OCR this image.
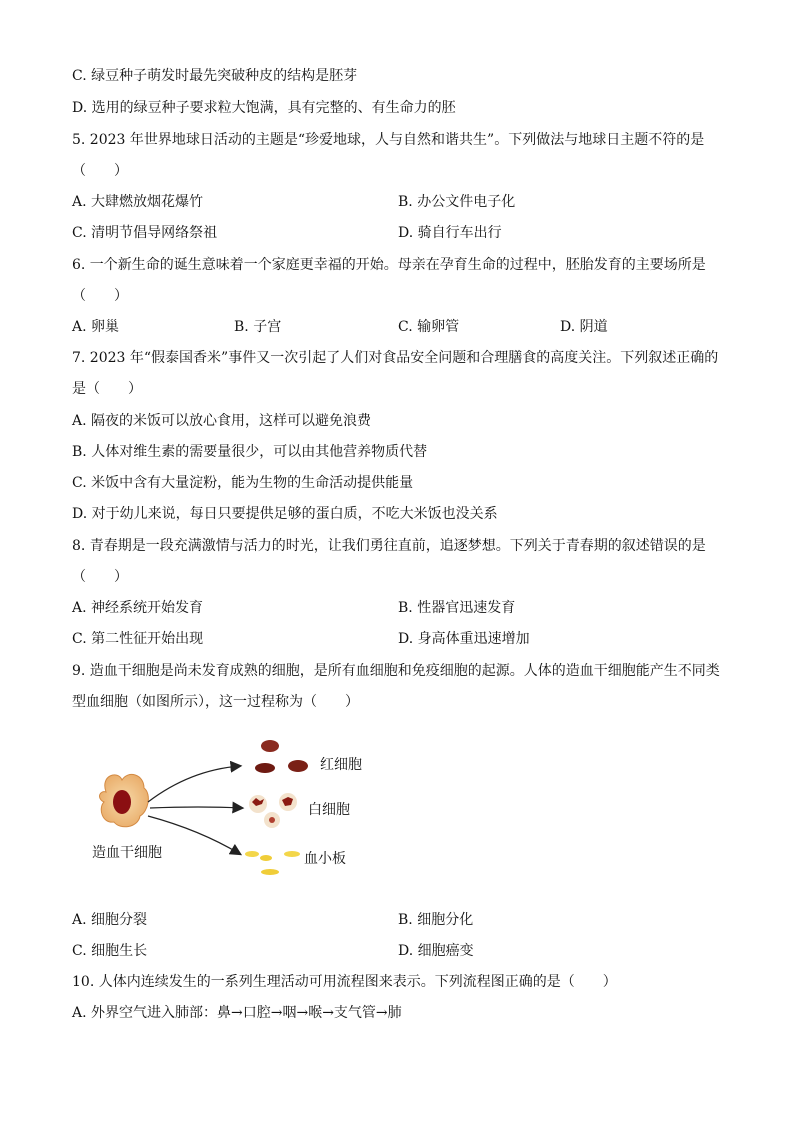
C. 绿豆种子萌发时最先突破种皮的结构是胚芽
D. 选用的绿豆种子要求粒大饱满，具有完整的、有生命力的胚
5. 2023 年世界地球日活动的主题是“珍爱地球，人与自然和谐共生”。下列做法与地球日主题不符的是
（　　）
A. 大肆燃放烟花爆竹	B. 办公文件电子化
C. 清明节倡导网络祭祖	D. 骑自行车出行
6. 一个新生命的诞生意味着一个家庭更幸福的开始。母亲在孕育生命的过程中，胚胎发育的主要场所是
（　　）
A. 卵巢	B. 子宫	C. 输卵管	D. 阴道
7. 2023 年“假泰国香米”事件又一次引起了人们对食品安全问题和合理膳食的高度关注。下列叙述正确的
是（　　）
A. 隔夜的米饭可以放心食用，这样可以避免浪费
B. 人体对维生素的需要量很少，可以由其他营养物质代替
C. 米饭中含有大量淀粉，能为生物的生命活动提供能量
D. 对于幼儿来说，每日只要提供足够的蛋白质，不吃大米饭也没关系
8. 青春期是一段充满激情与活力的时光，让我们勇往直前，追逐梦想。下列关于青春期的叙述错误的是
（　　）
A. 神经系统开始发育	B. 性器官迅速发育
C. 第二性征开始出现	D. 身高体重迅速增加
9. 造血干细胞是尚未发育成熟的细胞，是所有血细胞和免疫细胞的起源。人体的造血干细胞能产生不同类
型血细胞（如图所示），这一过程称为（　　）
造血干细胞
红细胞
白细胞
血小板
A. 细胞分裂	B. 细胞分化
C. 细胞生长	D. 细胞癌变
10. 人体内连续发生的一系列生理活动可用流程图来表示。下列流程图正确的是（　　）
A. 外界空气进入肺部：鼻→口腔→咽→喉→支气管→肺
